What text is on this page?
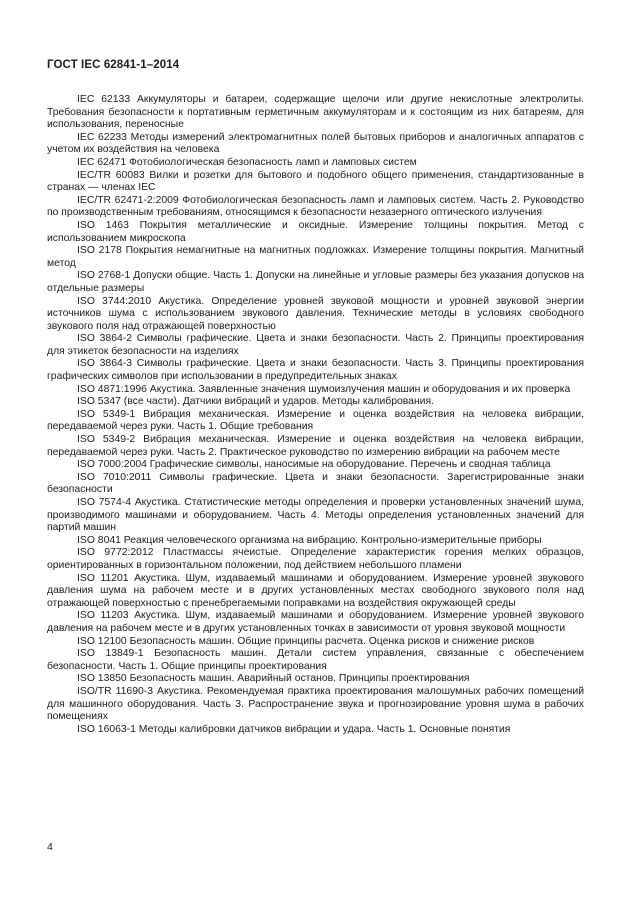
ГОСТ IEC 62841-1–2014

IEC 62133 Аккумуляторы и батареи, содержащие щелочи или другие некислотные электролиты. Требования безопасности к портативным герметичным аккумуляторам и к состоящим из них батареям, для использования, переносные

IEC 62233 Методы измерений электромагнитных полей бытовых приборов и аналогичных аппаратов с учетом их воздействия на человека

IEC 62471 Фотобиологическая безопасность ламп и ламповых систем

IEC/TR 60083 Вилки и розетки для бытового и подобного общего применения, стандартизованные в странах — членах IEC

IEC/TR 62471-2:2009 Фотобиологическая безопасность ламп и ламповых систем. Часть 2. Руководство по производственным требованиям, относящимся к безопасности незазерного оптического излучения

ISO 1463 Покрытия металлические и оксидные. Измерение толщины покрытия. Метод с использованием микроскопа

ISO 2178 Покрытия немагнитные на магнитных подложках. Измерение толщины покрытия. Магнитный метод

ISO 2768-1 Допуски общие. Часть 1. Допуски на линейные и угловые размеры без указания допусков на отдельные размеры

ISO 3744:2010 Акустика. Определение уровней звуковой мощности и уровней звуковой энергии источников шума с использованием звукового давления. Технические методы в условиях свободного звукового поля над отражающей поверхностью

ISO 3864-2 Символы графические. Цвета и знаки безопасности. Часть 2. Принципы проектирования для этикеток безопасности на изделиях

ISO 3864-3 Символы графические. Цвета и знаки безопасности. Часть 3. Принципы проектирования графических символов при использовании в предупредительных знаках

ISO 4871:1996 Акустика. Заявленные значения шумоизлучения машин и оборудования и их проверка

ISO 5347 (все части). Датчики вибраций и ударов. Методы калибрования.

ISO 5349-1 Вибрация механическая. Измерение и оценка воздействия на человека вибрации, передаваемой через руки. Часть 1. Общие требования

ISO 5349-2 Вибрация механическая. Измерение и оценка воздействия на человека вибрации, передаваемой через руки. Часть 2. Практическое руководство по измерению вибрации на рабочем месте

ISO 7000:2004 Графические символы, наносимые на оборудование. Перечень и сводная таблица

ISO 7010:2011 Символы графические. Цвета и знаки безопасности. Зарегистрированные знаки безопасности

ISO 7574-4 Акустика. Статистические методы определения и проверки установленных значений шума, производимого машинами и оборудованием. Часть 4. Методы определения установленных значений для партий машин

ISO 8041 Реакция человеческого организма на вибрацию. Контрольно-измерительные приборы

ISO 9772:2012 Пластмассы ячеистые. Определение характеристик горения мелких образцов, ориентированных в горизонтальном положении, под действием небольшого пламени

ISO 11201 Акустика. Шум, издаваемый машинами и оборудованием. Измерение уровней звукового давления шума на рабочем месте и в других установленных местах свободного звукового поля над отражающей поверхностью с пренебрегаемыми поправками на воздействия окружающей среды

ISO 11203 Акустика. Шум, издаваемый машинами и оборудованием. Измерение уровней звукового давления на рабочем месте и в других установленных точках в зависимости от уровня звуковой мощности

ISO 12100 Безопасность машин. Общие принципы расчета. Оценка рисков и снижение рисков

ISO 13849-1 Безопасность машин. Детали систем управления, связанные с обеспечением безопасности. Часть 1. Общие принципы проектирования

ISO 13850 Безопасность машин. Аварийный останов. Принципы проектирования

ISO/TR 11690-3 Акустика. Рекомендуемая практика проектирования малошумных рабочих помещений для машинного оборудования. Часть 3. Распространение звука и прогнозирование уровня шума в рабочих помещениях

ISO 16063-1 Методы калибровки датчиков вибрации и удара. Часть 1. Основные понятия

4
